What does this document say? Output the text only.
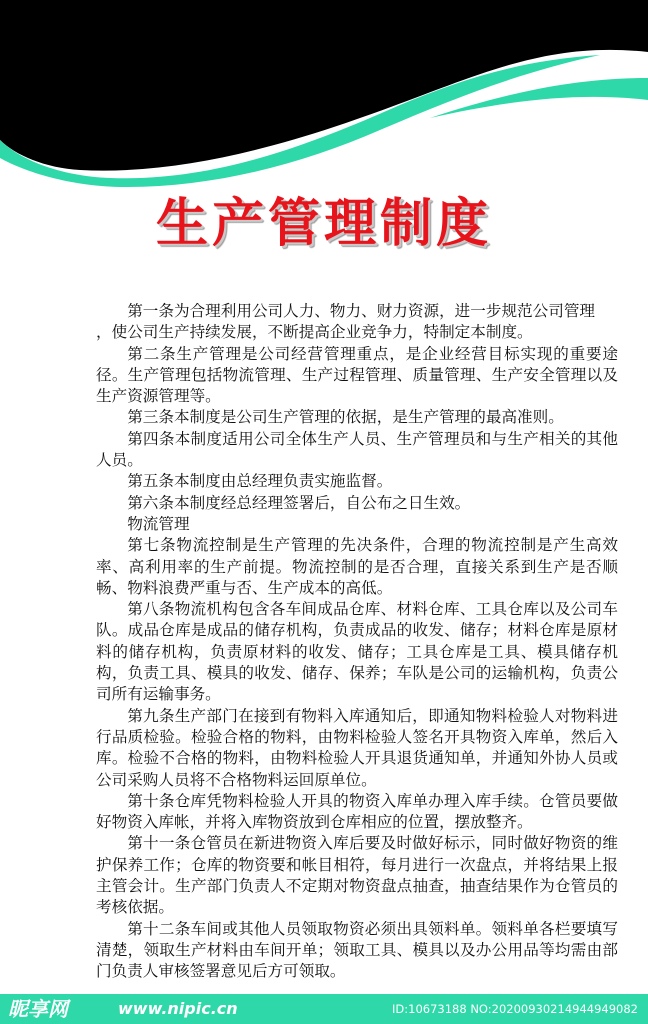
生产管理制度

第一条为合理利用公司人力、物力、财力资源，进一步规范公司管理

，使公司生产持续发展，不断提高企业竞争力，特制定本制度。

第二条生产管理是公司经营管理重点，是企业经营目标实现的重要途径。生产管理包括物流管理、生产过程管理、质量管理、生产安全管理以及生产资源管理等。

第三条本制度是公司生产管理的依据，是生产管理的最高准则。

第四条本制度适用公司全体生产人员、生产管理员和与生产相关的其他人员。

第五条本制度由总经理负责实施监督。

第六条本制度经总经理签署后，自公布之日生效。

物流管理

第七条物流控制是生产管理的先决条件，合理的物流控制是产生高效率、高利用率的生产前提。物流控制的是否合理，直接关系到生产是否顺畅、物料浪费严重与否、生产成本的高低。

第八条物流机构包含各车间成品仓库、材料仓库、工具仓库以及公司车队。成品仓库是成品的储存机构，负责成品的收发、储存；材料仓库是原材料的储存机构，负责原材料的收发、储存；工具仓库是工具、模具储存机构，负责工具、模具的收发、储存、保养；车队是公司的运输机构，负责公司所有运输事务。

第九条生产部门在接到有物料入库通知后，即通知物料检验人对物料进行品质检验。检验合格的物料，由物料检验人签名开具物资入库单，然后入库。检验不合格的物料，由物料检验人开具退货通知单，并通知外协人员或公司采购人员将不合格物料运回原单位。

第十条仓库凭物料检验人开具的物资入库单办理入库手续。仓管员要做好物资入库帐，并将入库物资放到仓库相应的位置，摆放整齐。

第十一条仓管员在新进物资入库后要及时做好标示，同时做好物资的维护保养工作；仓库的物资要和帐目相符，每月进行一次盘点，并将结果上报主管会计。生产部门负责人不定期对物资盘点抽查，抽查结果作为仓管员的考核依据。

第十二条车间或其他人员领取物资必须出具领料单。领料单各栏要填写清楚，领取生产材料由车间开单；领取工具、模具以及办公用品等均需由部门负责人审核签署意见后方可领取。

昵享网	www.nipic.cn	ID:10673188 NO:20200930214944949082
